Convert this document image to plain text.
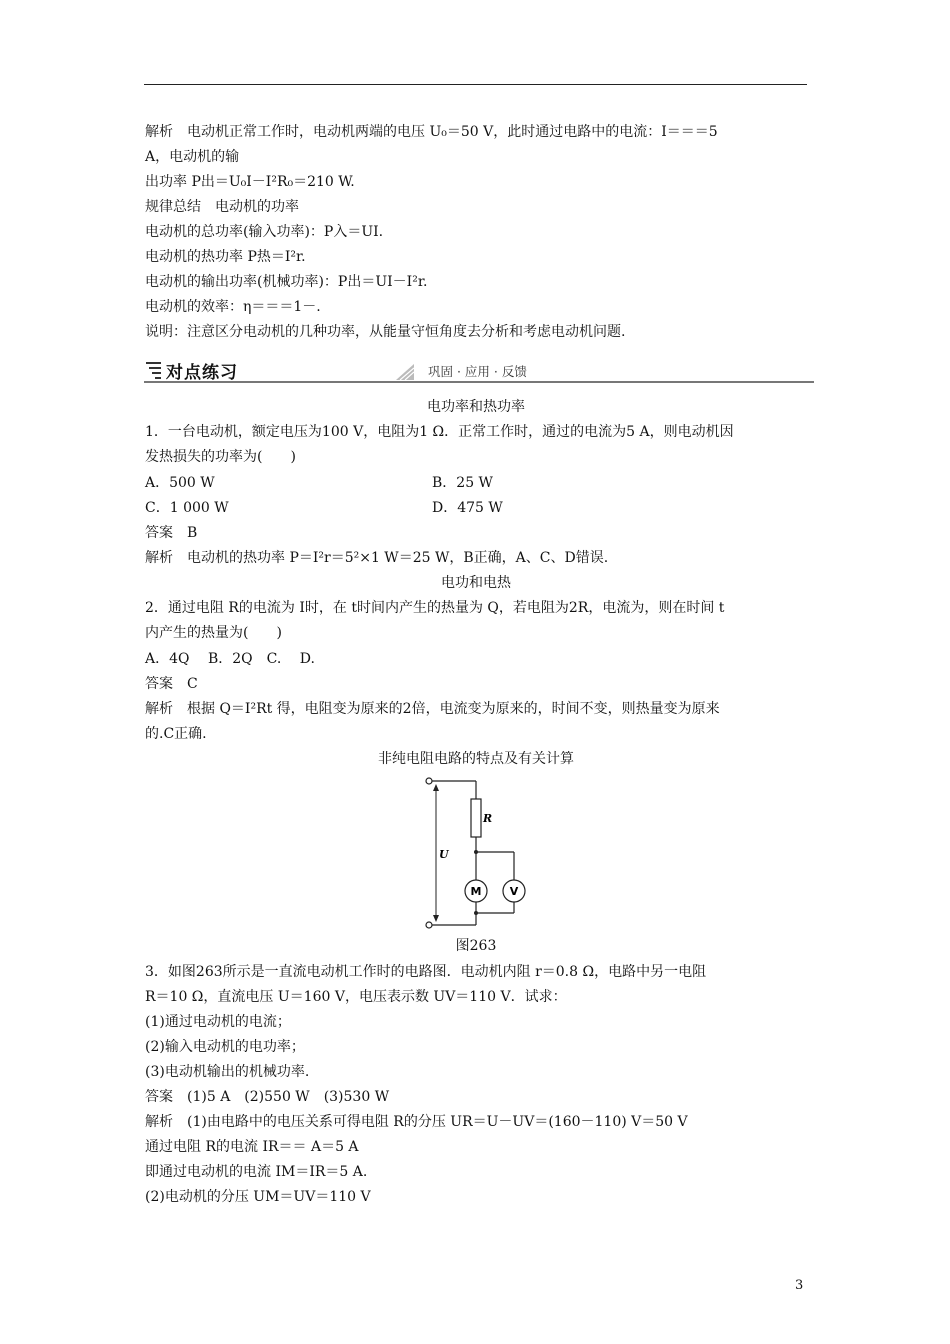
解析　电动机正常工作时，电动机两端的电压 U₀＝50 V，此时通过电路中的电流：I＝＝＝5
A，电动机的输
出功率 P出＝U₀I－I²R₀＝210 W.
规律总结　电动机的功率
电动机的总功率(输入功率)：P入＝UI.
电动机的热功率 P热＝I²r.
电动机的输出功率(机械功率)：P出＝UI－I²r.
电动机的效率：η＝＝＝1－.
说明：注意区分电动机的几种功率，从能量守恒角度去分析和考虑电动机问题.
对点练习	巩固 · 应用 · 反馈
电功率和热功率
1．一台电动机，额定电压为100 V，电阻为1 Ω．正常工作时，通过的电流为5 A，则电动机因
发热损失的功率为(　　)
A．500 W	B．25 W
C．1 000 W	D．475 W
答案　B
解析　电动机的热功率 P＝I²r＝5²×1 W＝25 W，B正确，A、C、D错误.
电功和电热
2．通过电阻 R的电流为 I时，在 t时间内产生的热量为 Q，若电阻为2R，电流为，则在时间 t
内产生的热量为(　　)
A．4Q　 B．2Q　C.　 D.
答案　C
解析　根据 Q＝I²Rt 得，电阻变为原来的2倍，电流变为原来的，时间不变，则热量变为原来
的.C正确.
非纯电阻电路的特点及有关计算
R
U
M	V
图263
3．如图263所示是一直流电动机工作时的电路图．电动机内阻 r＝0.8 Ω，电路中另一电阻
R＝10 Ω，直流电压 U＝160 V，电压表示数 UV＝110 V．试求：
(1)通过电动机的电流；
(2)输入电动机的电功率；
(3)电动机输出的机械功率.
答案　(1)5 A　(2)550 W　(3)530 W
解析　(1)由电路中的电压关系可得电阻 R的分压 UR＝U－UV＝(160－110) V＝50 V
通过电阻 R的电流 IR＝＝ A＝5 A
即通过电动机的电流 IM＝IR＝5 A.
(2)电动机的分压 UM＝UV＝110 V
3
